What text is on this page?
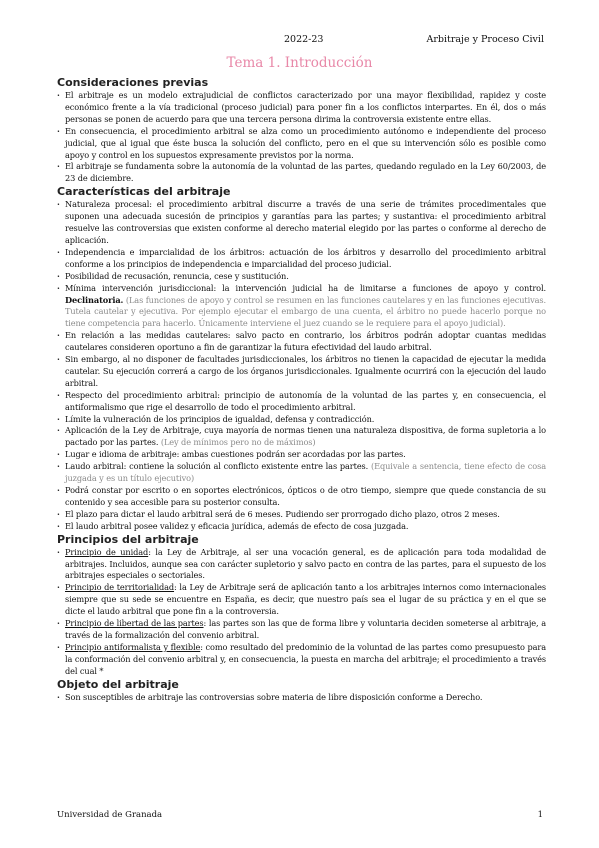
2022-23	Arbitraje y Proceso Civil
Tema 1. Introducción
Consideraciones previas
· El arbitraje es un modelo extrajudicial de conflictos caracterizado por una mayor flexibilidad, rapidez y coste económico frente a la vía tradicional (proceso judicial) para poner fin a los conflictos interpartes. En él, dos o más personas se ponen de acuerdo para que una tercera persona dirima la controversia existente entre ellas.
· En consecuencia, el procedimiento arbitral se alza como un procedimiento autónomo e independiente del proceso judicial, que al igual que éste busca la solución del conflicto, pero en el que su intervención sólo es posible como apoyo y control en los supuestos expresamente previstos por la norma.
· El arbitraje se fundamenta sobre la autonomía de la voluntad de las partes, quedando regulado en la Ley 60/2003, de 23 de diciembre.
Características del arbitraje
· Naturaleza procesal: el procedimiento arbitral discurre a través de una serie de trámites procedimentales que suponen una adecuada sucesión de principios y garantías para las partes; y sustantiva: el procedimiento arbitral resuelve las controversias que existen conforme al derecho material elegido por las partes o conforme al derecho de aplicación.
· Independencia e imparcialidad de los árbitros: actuación de los árbitros y desarrollo del procedimiento arbitral conforme a los principios de independencia e imparcialidad del proceso judicial.
· Posibilidad de recusación, renuncia, cese y sustitución.
· Mínima intervención jurisdiccional: la intervención judicial ha de limitarse a funciones de apoyo y control. Declinatoria. (Las funciones de apoyo y control se resumen en las funciones cautelares y en las funciones ejecutivas. Tutela cautelar y ejecutiva. Por ejemplo ejecutar el embargo de una cuenta, el árbitro no puede hacerlo porque no tiene competencia para hacerlo. Únicamente interviene el juez cuando se le requiere para el apoyo judicial).
· En relación a las medidas cautelares: salvo pacto en contrario, los árbitros podrán adoptar cuantas medidas cautelares consideren oportuno a fin de garantizar la futura efectividad del laudo arbitral.
· Sin embargo, al no disponer de facultades jurisdiccionales, los árbitros no tienen la capacidad de ejecutar la medida cautelar. Su ejecución correrá a cargo de los órganos jurisdiccionales. Igualmente ocurrirá con la ejecución del laudo arbitral.
· Respecto del procedimiento arbitral: principio de autonomía de la voluntad de las partes y, en consecuencia, el antiformalismo que rige el desarrollo de todo el procedimiento arbitral.
· Límite la vulneración de los principios de igualdad, defensa y contradicción.
· Aplicación de la Ley de Arbitraje, cuya mayoría de normas tienen una naturaleza dispositiva, de forma supletoria a lo pactado por las partes. (Ley de mínimos pero no de máximos)
· Lugar e idioma de arbitraje: ambas cuestiones podrán ser acordadas por las partes.
· Laudo arbitral: contiene la solución al conflicto existente entre las partes. (Equivale a sentencia, tiene efecto de cosa juzgada y es un título ejecutivo)
· Podrá constar por escrito o en soportes electrónicos, ópticos o de otro tiempo, siempre que quede constancia de su contenido y sea accesible para su posterior consulta.
· El plazo para dictar el laudo arbitral será de 6 meses. Pudiendo ser prorrogado dicho plazo, otros 2 meses.
· El laudo arbitral posee validez y eficacia jurídica, además de efecto de cosa juzgada.
Principios del arbitraje
· Principio de unidad: la Ley de Arbitraje, al ser una vocación general, es de aplicación para toda modalidad de arbitrajes. Incluidos, aunque sea con carácter supletorio y salvo pacto en contra de las partes, para el supuesto de los arbitrajes especiales o sectoriales.
· Principio de territorialidad: la Ley de Arbitraje será de aplicación tanto a los arbitrajes internos como internacionales siempre que su sede se encuentre en España, es decir, que nuestro país sea el lugar de su práctica y en el que se dicte el laudo arbitral que pone fin a la controversia.
· Principio de libertad de las partes: las partes son las que de forma libre y voluntaria deciden someterse al arbitraje, a través de la formalización del convenio arbitral.
· Principio antiformalista y flexible: como resultado del predominio de la voluntad de las partes como presupuesto para la conformación del convenio arbitral y, en consecuencia, la puesta en marcha del arbitraje; el procedimiento a través del cual *
Objeto del arbitraje
· Son susceptibles de arbitraje las controversias sobre materia de libre disposición conforme a Derecho.
Universidad de Granada	1
